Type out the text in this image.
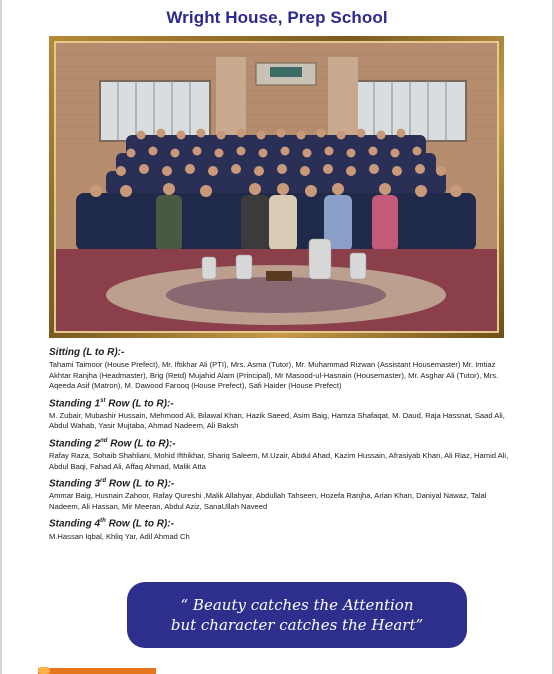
Wright House, Prep School

Sitting (L to R):-

Tahami Taimoor (House Prefect), Mr. Iftikhar Ali (PTI), Mrs. Asma (Tutor), Mr. Muhammad Rizwan (Assistant Housemaster) Mr. Imtiaz Akhtar Ranjha (Headmaster), Brig (Retd) Mujahid Alam (Principal), Mr Masood-ul-Hasnain (Housemaster), Mr. Asghar Ali (Tutor), Mrs. Aqeeda Asif (Matron), M. Dawood Farooq (House Prefect), Safi Haider (House Prefect)

Standing 1st Row (L to R):-

M. Zubair, Mubashir Hussain, Mehmood Ali, Bilawal Khan, Hazik Saeed, Asim Baig, Hamza Shafaqat, M. Daud, Raja Hassnat, Saad Ali, Abdul Wahab, Yasir Mujtaba, Ahmad Nadeem, Ali Baksh

Standing 2nd Row (L to R):-

Rafay Raza, Sohaib Shahliani, Mohid Ifthikhar, Shariq Saleem, M.Uzair, Abdul Ahad, Kazim Hussain, Afrasiyab Khan, Ali Riaz, Hamid Ali, Abdul Baqi, Fahad Ali, Affaq Ahmad, Malik Atta

Standing 3rd Row (L to R):-

Ammar Baig, Husnain Zahoor, Rafay Qureshi ,Malik Allahyar, Abdullah Tahseen, Hozefa Ranjha, Arian Khan, Daniyal Nawaz, Talal Nadeem, Ali Hassan, Mir Meeran, Abdul Aziz, SanaUllah Naveed

Standing 4th Row (L to R):-

M.Hassan Iqbal, Khliq Yar, Adil Ahmad Ch

“ Beauty catches the Attention
but character catches the Heart”
